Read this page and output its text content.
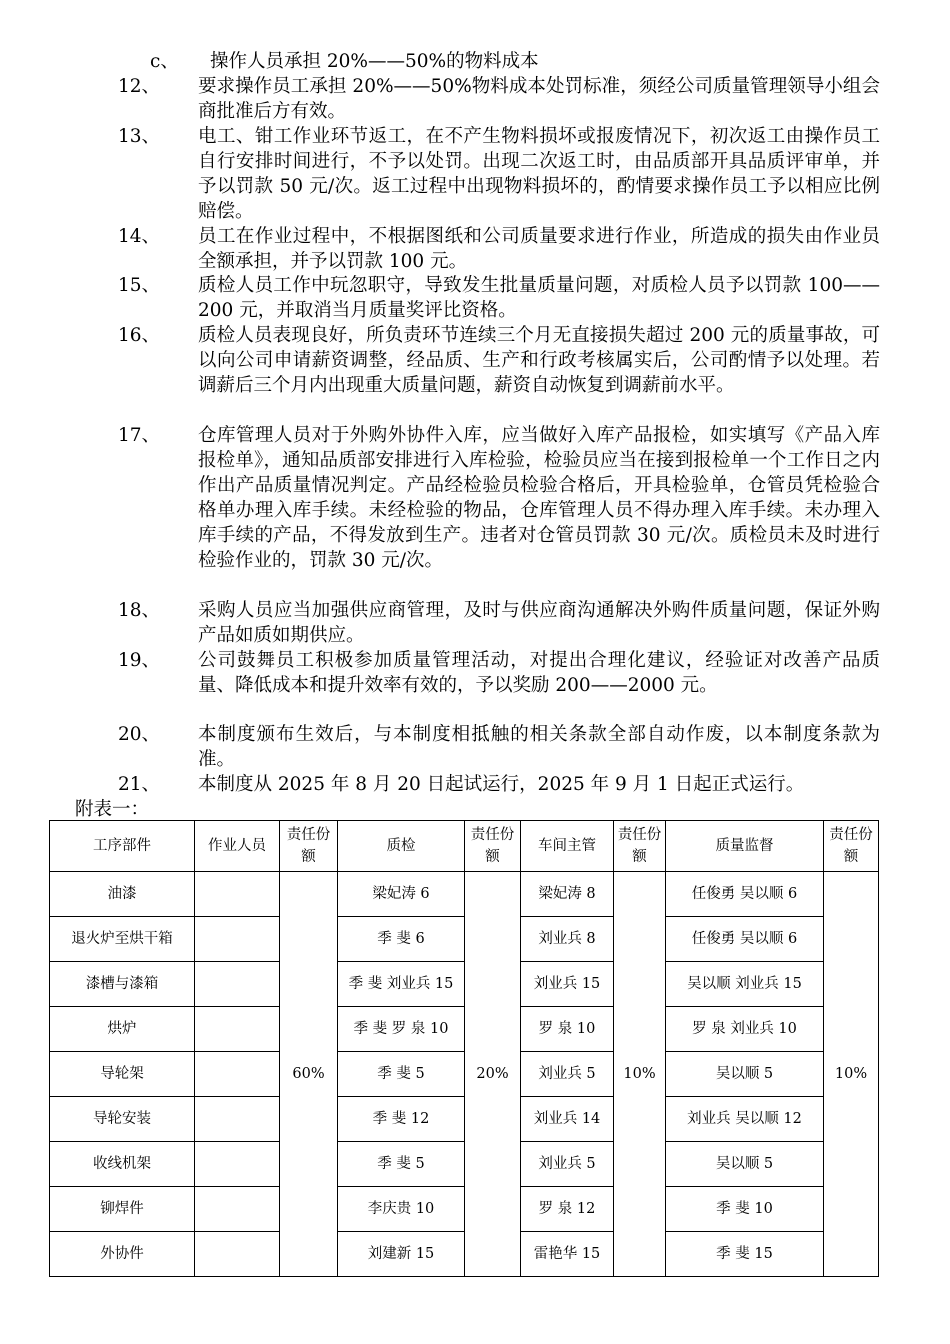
c、 操作人员承担 20%——50%的物料成本
12、	要求操作员工承担 20%——50%物料成本处罚标准，须经公司质量管理领导小组会商批准后方有效。
13、	电工、钳工作业环节返工，在不产生物料损坏或报废情况下，初次返工由操作员工自行安排时间进行，不予以处罚。出现二次返工时，由品质部开具品质评审单，并予以罚款 50 元/次。返工过程中出现物料损坏的，酌情要求操作员工予以相应比例赔偿。
14、	员工在作业过程中，不根据图纸和公司质量要求进行作业，所造成的损失由作业员全额承担，并予以罚款 100 元。
15、	质检人员工作中玩忽职守，导致发生批量质量问题，对质检人员予以罚款 100——200 元，并取消当月质量奖评比资格。
16、	质检人员表现良好，所负责环节连续三个月无直接损失超过 200 元的质量事故，可以向公司申请薪资调整，经品质、生产和行政考核属实后，公司酌情予以处理。若调薪后三个月内出现重大质量问题，薪资自动恢复到调薪前水平。
17、	仓库管理人员对于外购外协件入库，应当做好入库产品报检，如实填写《产品入库报检单》，通知品质部安排进行入库检验，检验员应当在接到报检单一个工作日之内作出产品质量情况判定。产品经检验员检验合格后，开具检验单，仓管员凭检验合格单办理入库手续。未经检验的物品，仓库管理人员不得办理入库手续。未办理入库手续的产品，不得发放到生产。违者对仓管员罚款 30 元/次。质检员未及时进行检验作业的，罚款 30 元/次。
18、	采购人员应当加强供应商管理，及时与供应商沟通解决外购件质量问题，保证外购产品如质如期供应。
19、	公司鼓舞员工积极参加质量管理活动，对提出合理化建议，经验证对改善产品质量、降低成本和提升效率有效的，予以奖励 200——2000 元。
20、	本制度颁布生效后，与本制度相抵触的相关条款全部自动作废，以本制度条款为准。
21、	本制度从 2025 年 8 月 20 日起试运行，2025 年 9 月 1 日起正式运行。
附表一：
工序部件	作业人员	责任份额	质检	责任份额	车间主管	责任份额	质量监督	责任份额
油漆		60%	梁妃涛 6	20%	梁妃涛 8	10%	任俊勇 吴以顺 6	10%
退火炉至烘干箱			季 斐 6		刘业兵 8		任俊勇 吴以顺 6	
漆槽与漆箱			季 斐 刘业兵 15		刘业兵 15		吴以顺 刘业兵 15	
烘炉			季 斐 罗 泉 10		罗 泉 10		罗 泉 刘业兵 10	
导轮架			季 斐 5		刘业兵 5		吴以顺 5	
导轮安装			季 斐 12		刘业兵 14		刘业兵 吴以顺 12	
收线机架			季 斐 5		刘业兵 5		吴以顺 5	
铆焊件			李庆贵 10		罗 泉 12		季 斐 10	
外协件			刘建新 15		雷艳华 15		季 斐 15	
